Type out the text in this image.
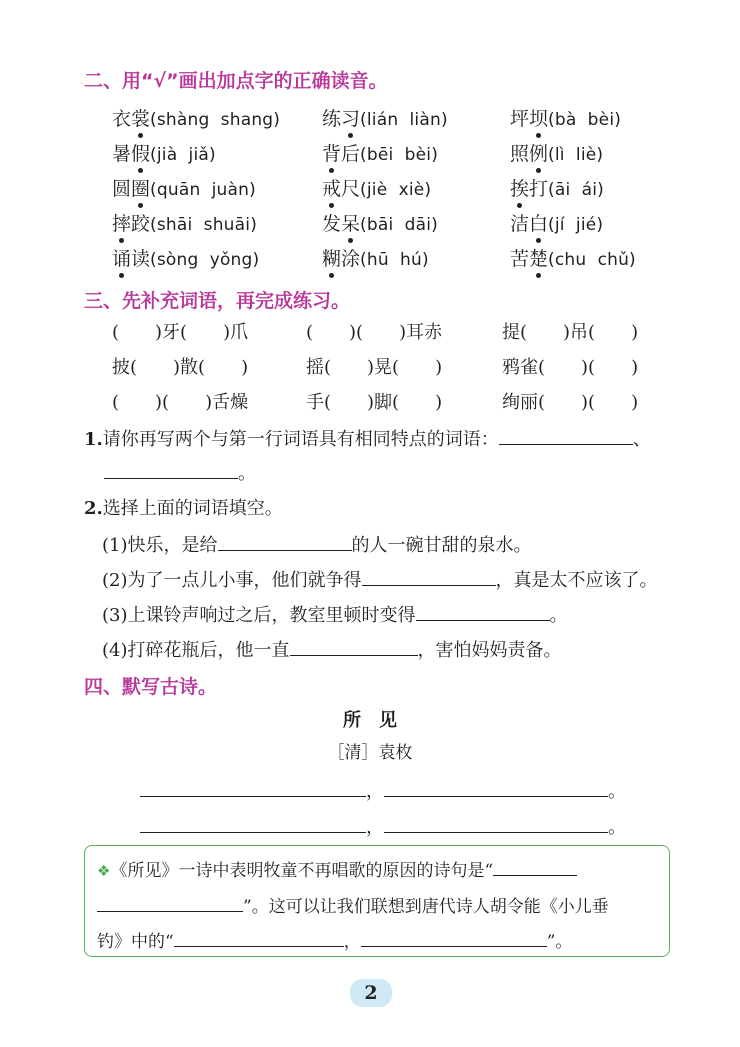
二、用“√”画出加点字的正确读音。
衣裳(shàng  shang) 练习(lián  liàn)	坪坝(bà  bèi)
暑假(jià  jiǎ)	背后(bēi  bèi)	照例(lì  liè)
圆圈(quān  juàn)	戒尺(jiè  xiè)	挨打(āi  ái)
摔跤(shāi  shuāi)	发呆(bāi  dāi)	洁白(jí  jié)
诵读(sòng  yǒng)	糊涂(hū  hú)	苦楚(chu  chǔ)
三、先补充词语，再完成练习。
(　　)牙(　　)爪	(　　)(　　)耳赤	提(　　)吊(　　)
披(　　)散(　　)	摇(　　)晃(　　)	鸦雀(　　)(　　)
(　　)(　　)舌燥	手(　　)脚(　　)	绚丽(　　)(　　)
1.请你再写两个与第一行词语具有相同特点的词语：	、
。
2.选择上面的词语填空。
(1)快乐，是给	的人一碗甘甜的泉水。
(2)为了一点儿小事，他们就争得	，真是太不应该了。
(3)上课铃声响过之后，教室里顿时变得	。
(4)打碎花瓶后，他一直	，害怕妈妈责备。
四、默写古诗。
所　见
［清］袁枚
，	。
，	。
❖《所见》一诗中表明牧童不再唱歌的原因的诗句是“
”。这可以让我们联想到唐代诗人胡令能《小儿垂
钓》中的“	，	”。
2
